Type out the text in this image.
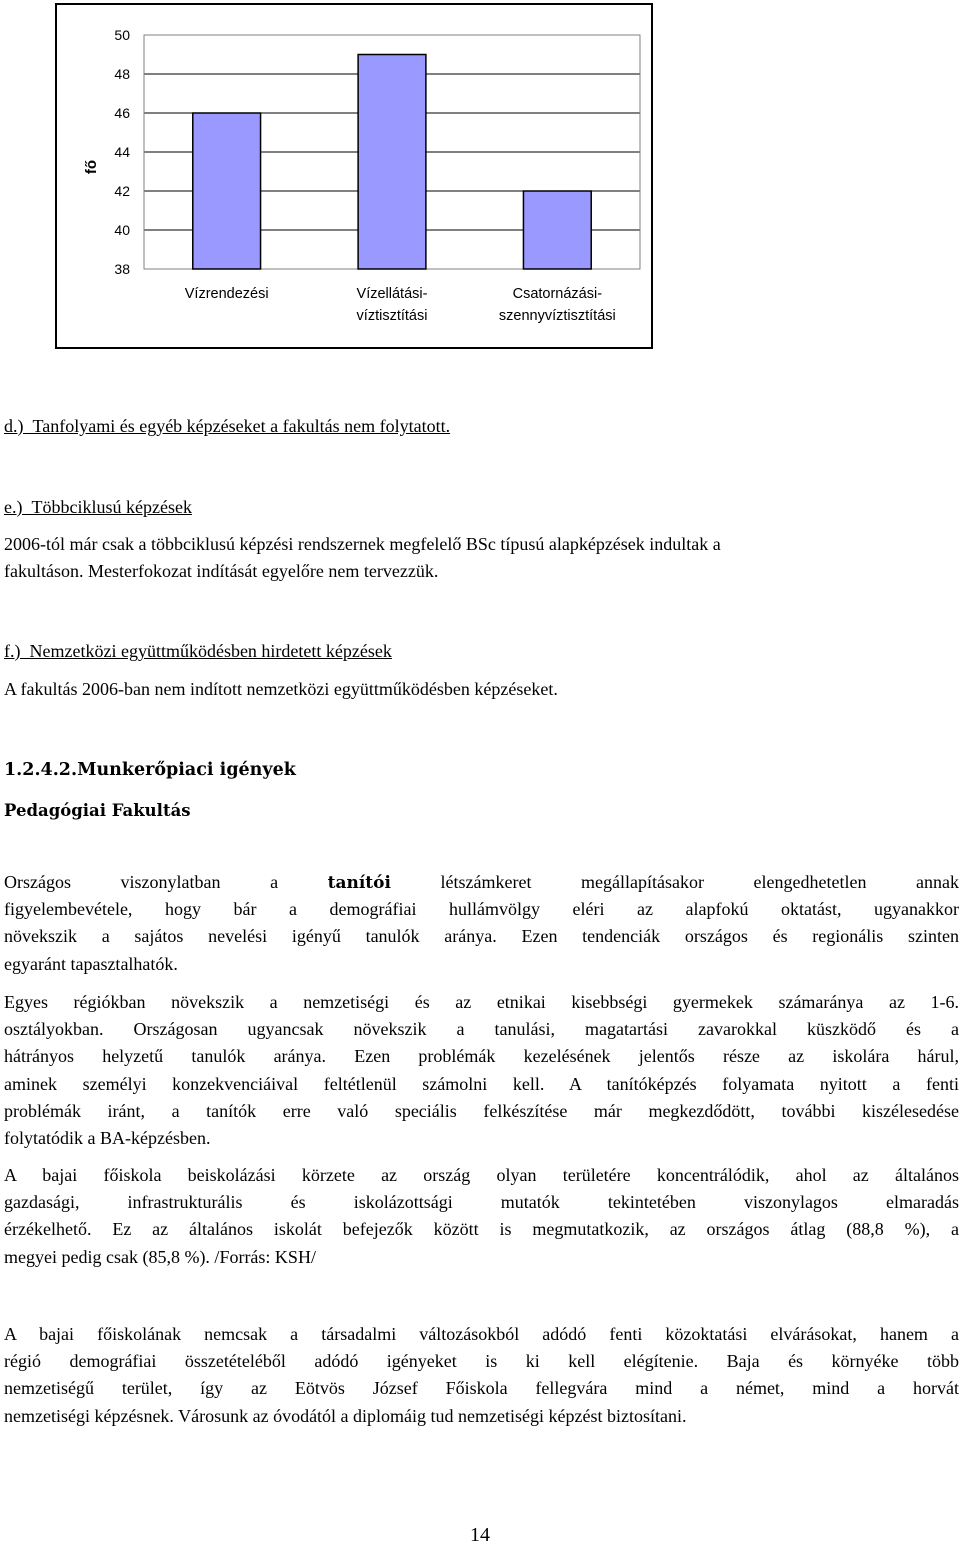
50
48
46
44
42
40
38
fő
Vízrendezési	Vízellátási-
víztisztítási
Csatornázási-
szennyvíztisztítási
d.) Tanfolyami és egyéb képzéseket a fakultás nem folytatott.
e.) Többciklusú képzések
2006-tól már csak a többciklusú képzési rendszernek megfelelő BSc típusú alapképzések indultak a
fakultáson. Mesterfokozat indítását egyelőre nem tervezzük.
f.) Nemzetközi együttműködésben hirdetett képzések
A fakultás 2006-ban nem indított nemzetközi együttműködésben képzéseket.
1.2.4.2.Munkerőpiaci igények
Pedagógiai Fakultás
Országos viszonylatban a tanítói létszámkeret megállapításakor elengedhetetlen annak
figyelembevétele, hogy bár a demográfiai hullámvölgy eléri az alapfokú oktatást, ugyanakkor
növekszik a sajátos nevelési igényű tanulók aránya. Ezen tendenciák országos és regionális szinten
egyaránt tapasztalhatók.
Egyes régiókban növekszik a nemzetiségi és az etnikai kisebbségi gyermekek számaránya az 1-6.
osztályokban. Országosan ugyancsak növekszik a tanulási, magatartási zavarokkal küszködő és a
hátrányos helyzetű tanulók aránya. Ezen problémák kezelésének jelentős része az iskolára hárul,
aminek személyi konzekvenciáival feltétlenül számolni kell. A tanítóképzés folyamata nyitott a fenti
problémák iránt, a tanítók erre való speciális felkészítése már megkezdődött, további kiszélesedése
folytatódik a BA-képzésben.
A bajai főiskola beiskolázási körzete az ország olyan területére koncentrálódik, ahol az általános
gazdasági, infrastrukturális és iskolázottsági mutatók tekintetében viszonylagos elmaradás
érzékelhető. Ez az általános iskolát befejezők között is megmutatkozik, az országos átlag (88,8 %), a
megyei pedig csak (85,8 %). /Forrás: KSH/
A bajai főiskolának nemcsak a társadalmi változásokból adódó fenti közoktatási elvárásokat, hanem a
régió demográfiai összetételéből adódó igényeket is ki kell elégítenie. Baja és környéke több
nemzetiségű terület, így az Eötvös József Főiskola fellegvára mind a német, mind a horvát
nemzetiségi képzésnek. Városunk az óvodától a diplomáig tud nemzetiségi képzést biztosítani.
14
